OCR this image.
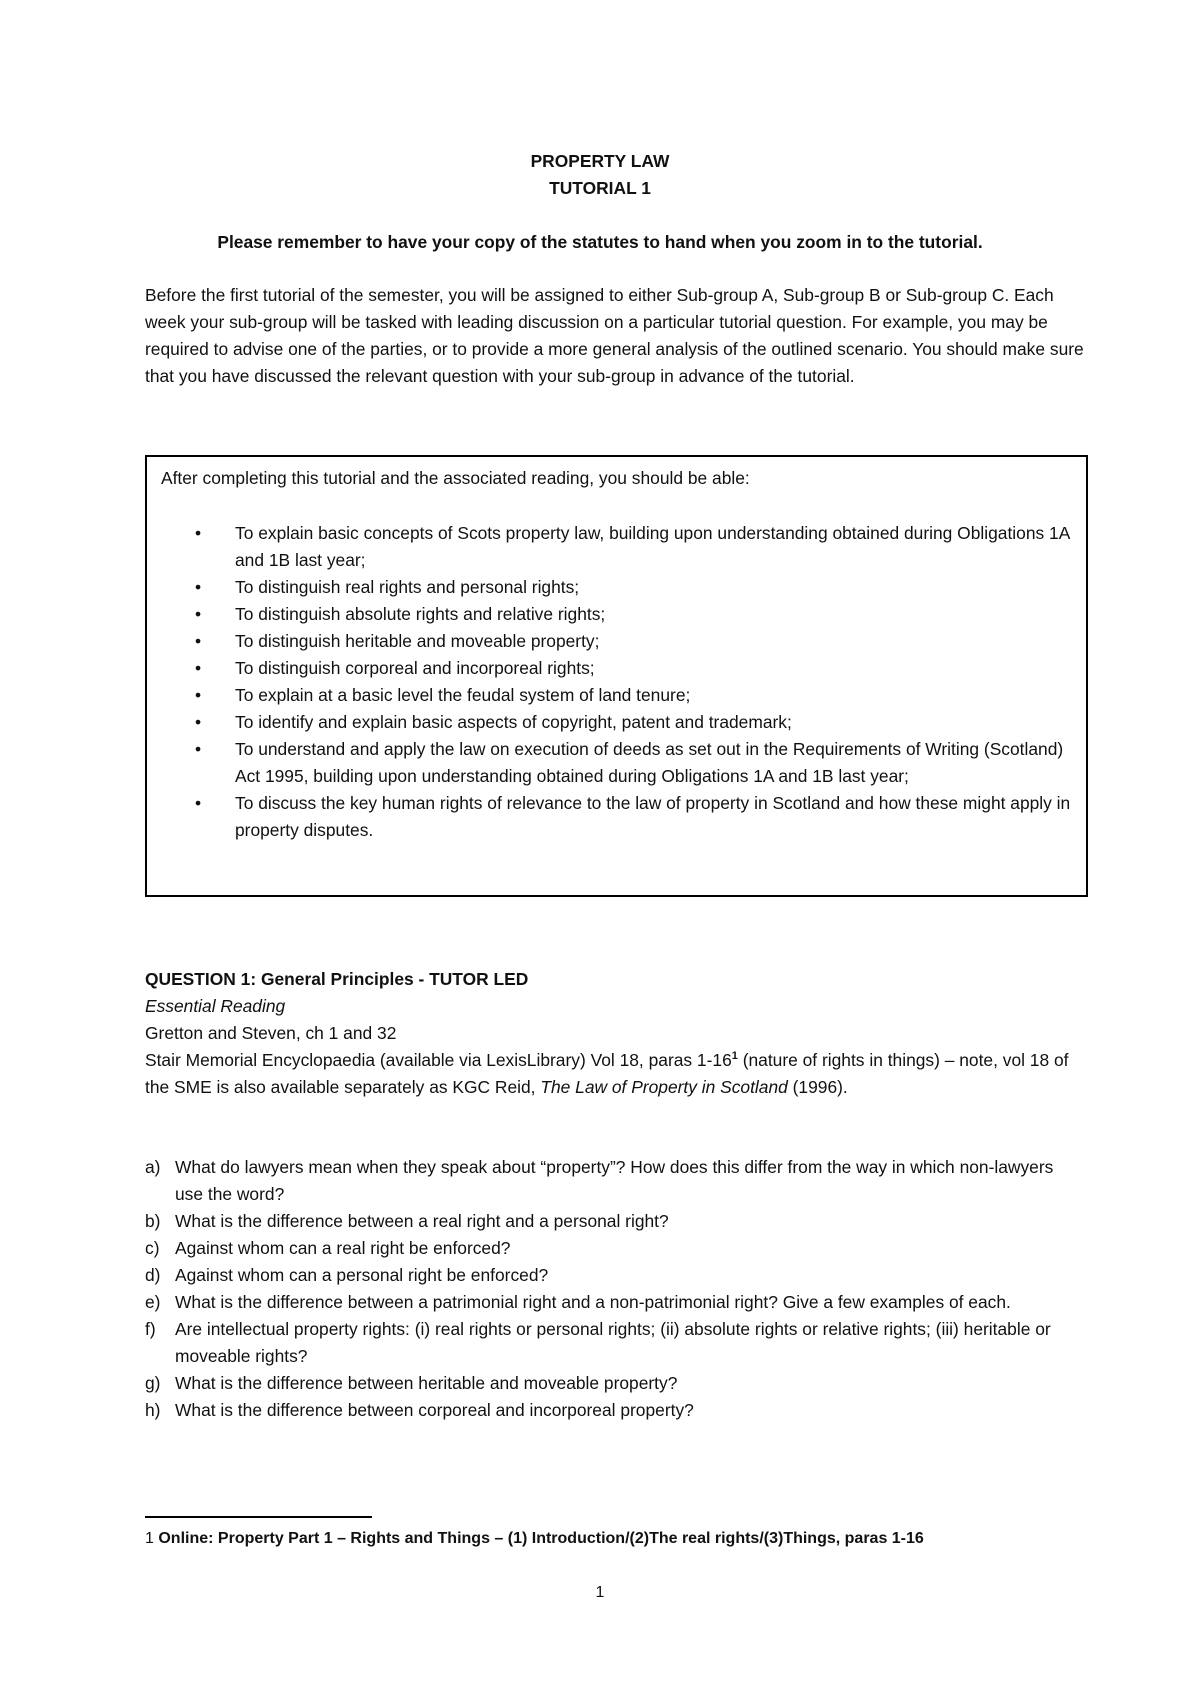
PROPERTY LAW
TUTORIAL 1
Please remember to have your copy of the statutes to hand when you zoom in to the tutorial.

Before the first tutorial of the semester, you will be assigned to either Sub-group A, Sub-group B or Sub-group C. Each week your sub-group will be tasked with leading discussion on a particular tutorial question. For example, you may be required to advise one of the parties, or to provide a more general analysis of the outlined scenario. You should make sure that you have discussed the relevant question with your sub-group in advance of the tutorial.

After completing this tutorial and the associated reading, you should be able:

• To explain basic concepts of Scots property law, building upon understanding obtained during Obligations 1A and 1B last year;
• To distinguish real rights and personal rights;
• To distinguish absolute rights and relative rights;
• To distinguish heritable and moveable property;
• To distinguish corporeal and incorporeal rights;
• To explain at a basic level the feudal system of land tenure;
• To identify and explain basic aspects of copyright, patent and trademark;
• To understand and apply the law on execution of deeds as set out in the Requirements of Writing (Scotland) Act 1995, building upon understanding obtained during Obligations 1A and 1B last year;
• To discuss the key human rights of relevance to the law of property in Scotland and how these might apply in property disputes.
QUESTION 1: General Principles - TUTOR LED
Essential Reading
Gretton and Steven, ch 1 and 32
Stair Memorial Encyclopaedia (available via LexisLibrary) Vol 18, paras $1-16^1$ (nature of rights in things) – note, vol 18 of the SME is also available separately as KGC Reid, The Law of Property in Scotland (1996).
a) What do lawyers mean when they speak about “property”? How does this differ from the way in which non-lawyers use the word?
b) What is the difference between a real right and a personal right?
c) Against whom can a real right be enforced?
d) Against whom can a personal right be enforced?
e) What is the difference between a patrimonial right and a non-patrimonial right? Give a few examples of each.
f) Are intellectual property rights: (i) real rights or personal rights; (ii) absolute rights or relative rights; (iii) heritable or moveable rights?
g) What is the difference between heritable and moveable property?
h) What is the difference between corporeal and incorporeal property?
1 Online: Property Part 1 – Rights and Things – (1) Introduction/(2)The real rights/(3)Things, paras 1-16
1
